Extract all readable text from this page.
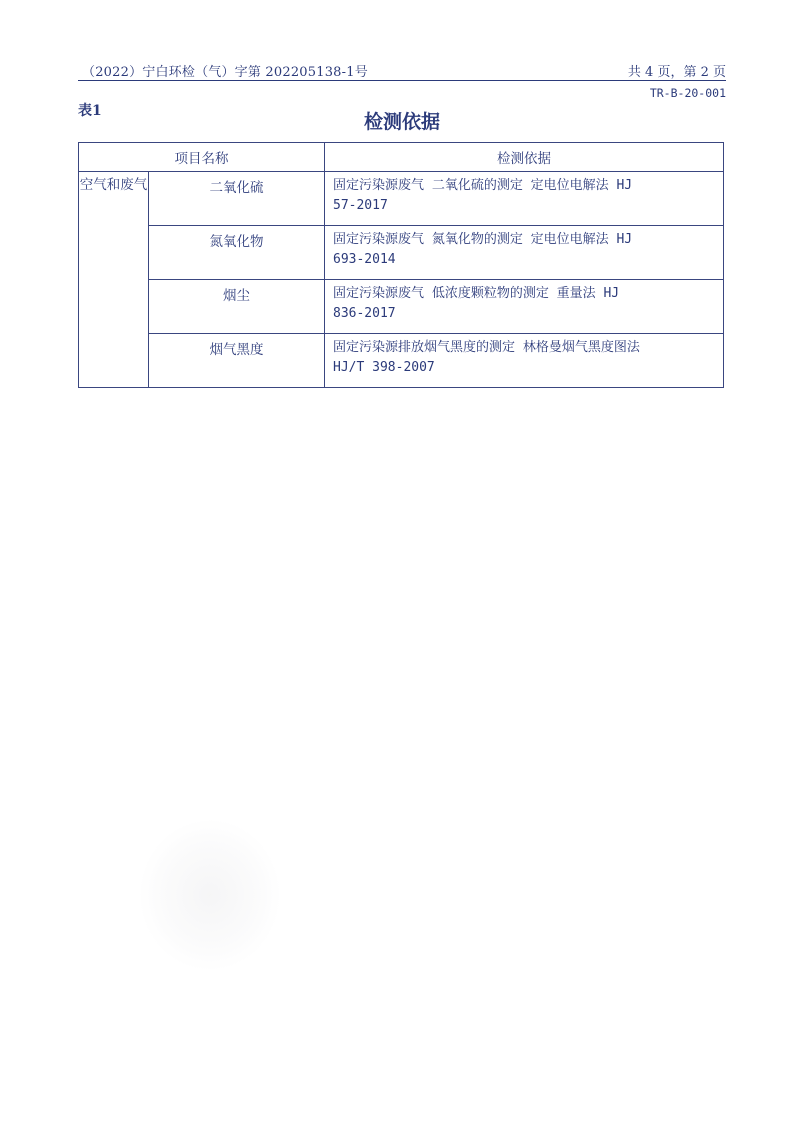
（2022）宁白环检（气）字第 202205138-1号	共 4 页，第 2 页
TR-B-20-001
表1	检测依据
项目名称		检测依据
空气和废气	二氧化硫	固定污染源废气 二氧化硫的测定 定电位电解法 HJ
57-2017

	氮氧化物	固定污染源废气 氮氧化物的测定 定电位电解法 HJ
693-2014

	烟尘	固定污染源废气 低浓度颗粒物的测定 重量法 HJ
836-2017

	烟气黑度	固定污染源排放烟气黑度的测定 林格曼烟气黑度图法
HJ/T 398-2007
